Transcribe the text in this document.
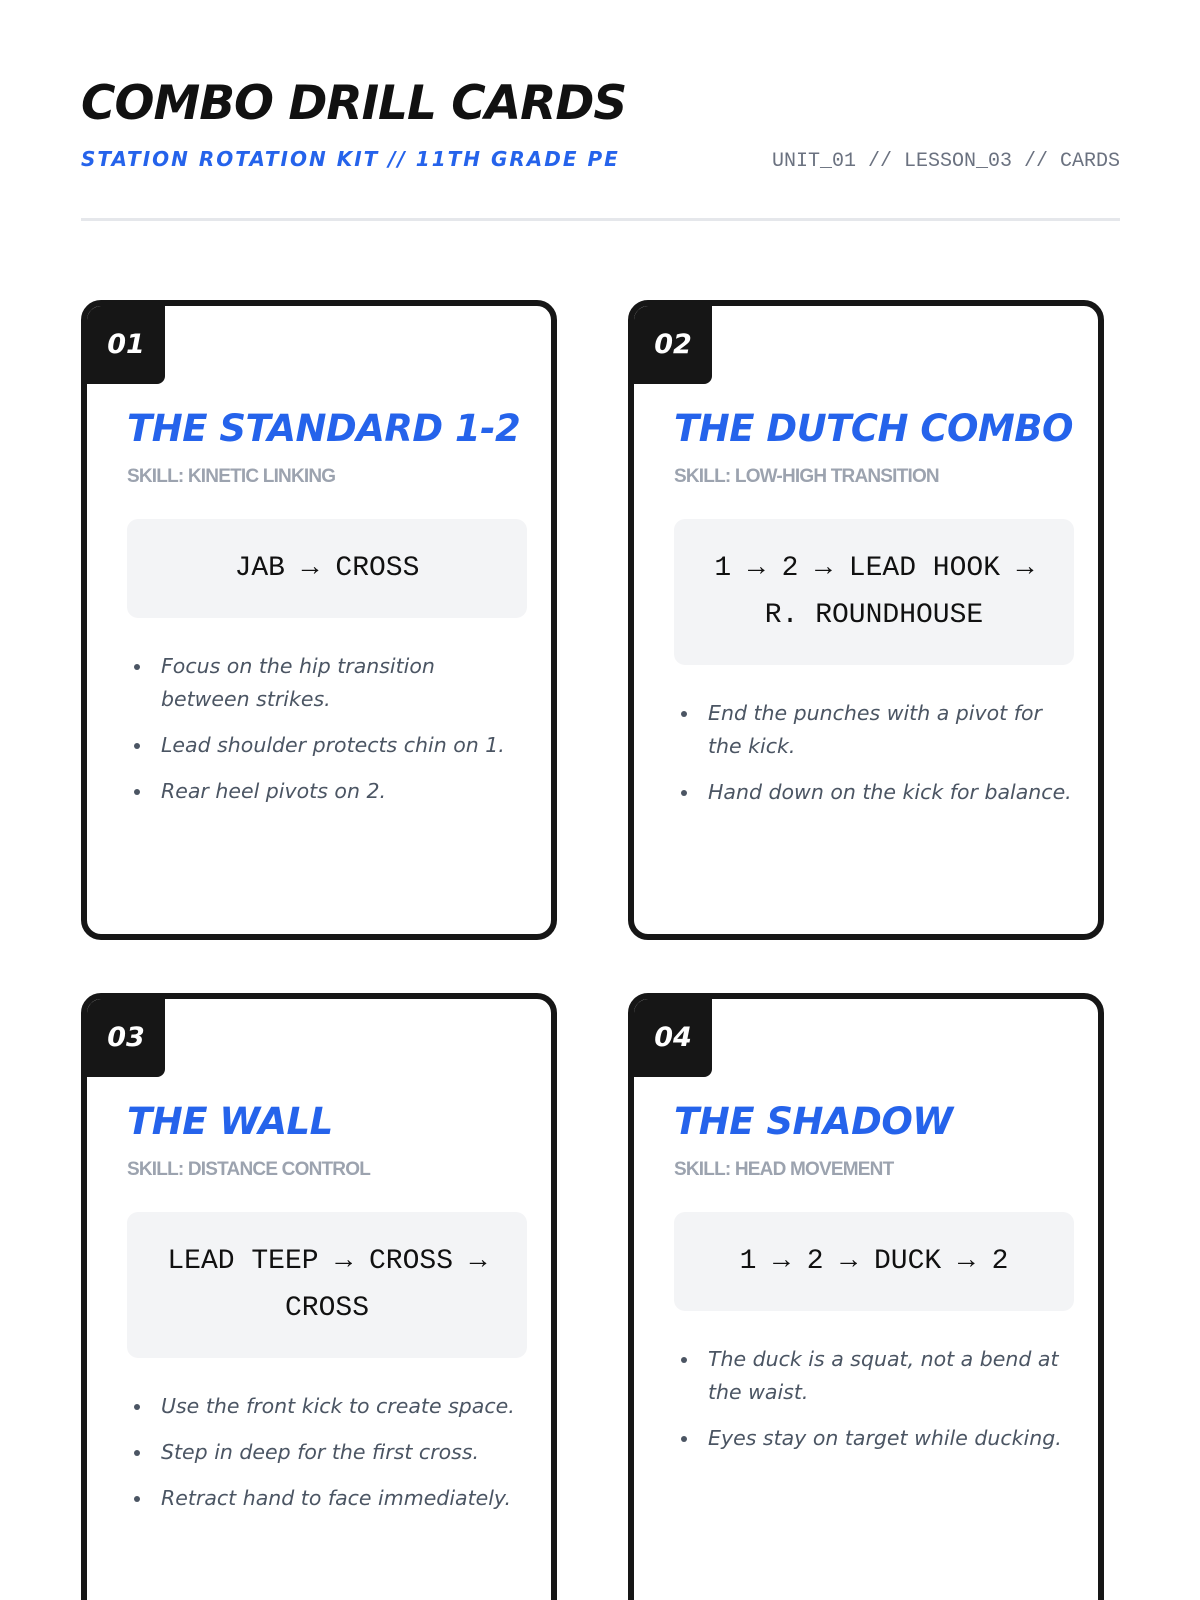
COMBO DRILL CARDS
STATION ROTATION KIT // 11TH GRADE PE	UNIT_01 // LESSON_03 // CARDS
01
THE STANDARD 1-2
SKILL: KINETIC LINKING
JAB → CROSS
Focus on the hip transition between strikes.
Lead shoulder protects chin on 1.
Rear heel pivots on 2.
02
THE DUTCH COMBO
SKILL: LOW-HIGH TRANSITION
1 → 2 → LEAD HOOK → R. ROUNDHOUSE
End the punches with a pivot for the kick.
Hand down on the kick for balance.
03
THE WALL
SKILL: DISTANCE CONTROL
LEAD TEEP → CROSS → CROSS
Use the front kick to create space.
Step in deep for the first cross.
Retract hand to face immediately.
04
THE SHADOW
SKILL: HEAD MOVEMENT
1 → 2 → DUCK → 2
The duck is a squat, not a bend at the waist.
Eyes stay on target while ducking.
